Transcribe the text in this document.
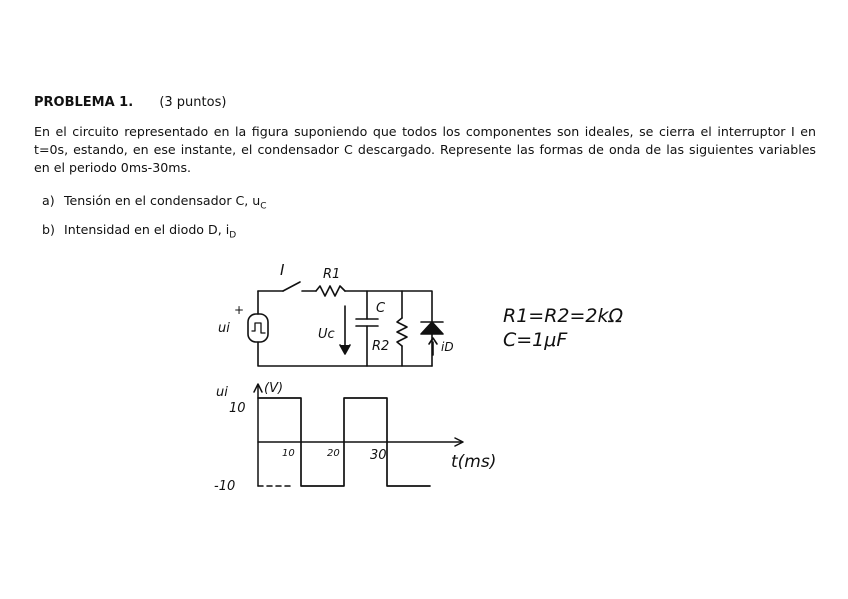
PROBLEMA 1. (3 puntos)
En el circuito representado en la figura suponiendo que todos los componentes son ideales, se cierra el interruptor I en t=0s, estando, en ese instante, el condensador C descargado. Represente las formas de onda de las siguientes variables en el periodo 0ms-30ms.
a) Tensión en el condensador C, $u_C$
b) Intensidad en el diodo D, $i_D$
I	R1
C
Uc
R2	iD
ui
+	R1=R2=2kΩ
C=1μF
ui	(V)
10
-10
10	20 30	t(ms)
